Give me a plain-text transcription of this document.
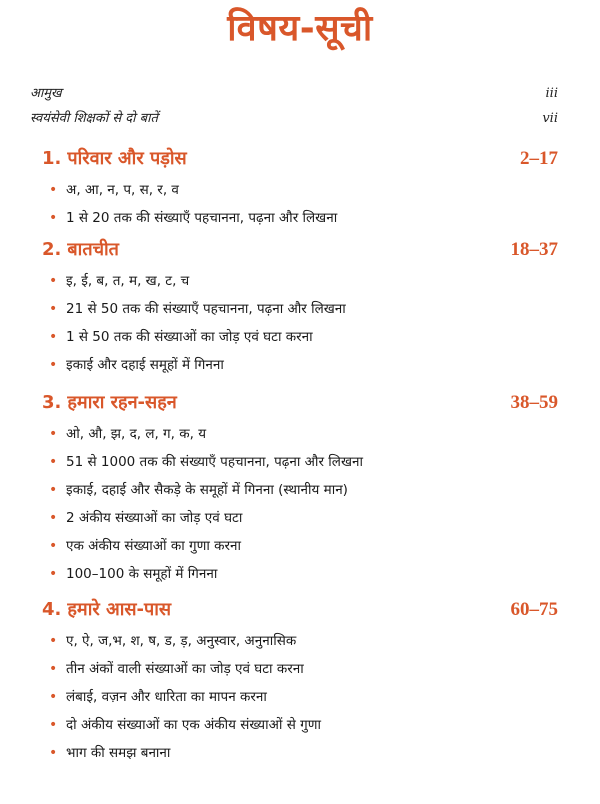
विषय-सूची
आमुख	iii
स्वयंसेवी शिक्षकों से दो बातें	vii
1. परिवार और पड़ोस	2–17
• अ, आ, न, प, स, र, व
• 1 से 20 तक की संख्याएँ पहचानना, पढ़ना और लिखना
2. बातचीत	18–37
• इ, ई, ब, त, म, ख, ट, च
• 21 से 50 तक की संख्याएँ पहचानना, पढ़ना और लिखना
• 1 से 50 तक की संख्याओं का जोड़ एवं घटा करना
• इकाई और दहाई समूहों में गिनना
3. हमारा रहन-सहन	38–59
• ओ, औ, झ, द, ल, ग, क, य
• 51 से 1000 तक की संख्याएँ पहचानना, पढ़ना और लिखना
• इकाई, दहाई और सैकड़े के समूहों में गिनना (स्थानीय मान)
• 2 अंकीय संख्याओं का जोड़ एवं घटा
• एक अंकीय संख्याओं का गुणा करना
• 100–100 के समूहों में गिनना
4. हमारे आस-पास	60–75
• ए, ऐ, ज,भ, श, ष, ड, ड़, अनुस्वार, अनुनासिक
• तीन अंकों वाली संख्याओं का जोड़ एवं घटा करना
• लंबाई, वज़न और धारिता का मापन करना
• दो अंकीय संख्याओं का एक अंकीय संख्याओं से गुणा
• भाग की समझ बनाना
